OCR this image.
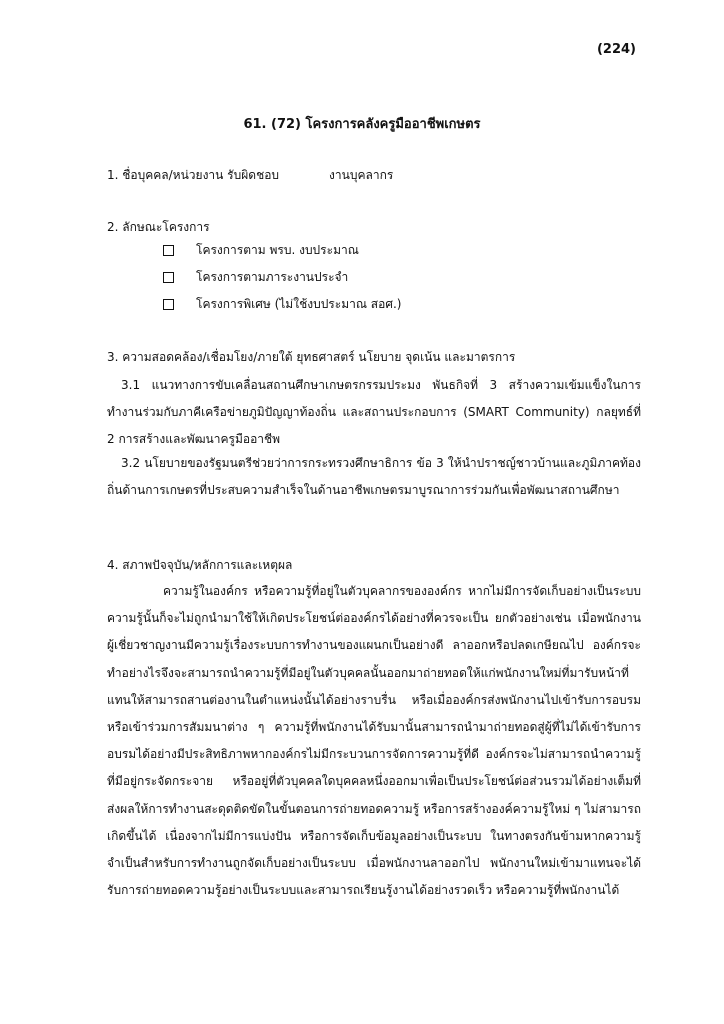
(224)
61. (72) โครงการคลังครูมืออาชีพเกษตร
1. ชื่อบุคคล/หน่วยงาน รับผิดชอบ	งานบุคลากร
2. ลักษณะโครงการ
โครงการตาม พรบ. งบประมาณ
โครงการตามภาระงานประจำ
โครงการพิเศษ (ไม่ใช้งบประมาณ สอศ.)
3. ความสอดคล้อง/เชื่อมโยง/ภายใต้ ยุทธศาสตร์ นโยบาย จุดเน้น และมาตรการ

3.1 แนวทางการขับเคลื่อนสถานศึกษาเกษตรกรรมประมง พันธกิจที่ 3 สร้างความเข้มแข็งในการทำงานร่วมกับภาคีเครือข่ายภูมิปัญญาท้องถิ่น และสถานประกอบการ (SMART Community) กลยุทธ์ที่ 2 การสร้างและพัฒนาครูมืออาชีพ

3.2 นโยบายของรัฐมนตรีช่วยว่าการกระทรวงศึกษาธิการ ข้อ 3 ให้นำปราชญ์ชาวบ้านและภูมิภาคท้องถิ่นด้านการเกษตรที่ประสบความสำเร็จในด้านอาชีพเกษตรมาบูรณาการร่วมกันเพื่อพัฒนาสถานศึกษา

4. สภาพปัจจุบัน/หลักการและเหตุผล

ความรู้ในองค์กร หรือความรู้ที่อยู่ในตัวบุคลากรขององค์กร หากไม่มีการจัดเก็บอย่างเป็นระบบ ความรู้นั้นก็จะไม่ถูกนำมาใช้ให้เกิดประโยชน์ต่อองค์กรได้อย่างที่ควรจะเป็น ยกตัวอย่างเช่น เมื่อพนักงานผู้เชี่ยวชาญงานมีความรู้เรื่องระบบการทำงานของแผนกเป็นอย่างดี ลาออกหรือปลดเกษียณไป องค์กรจะทำอย่างไรจึงจะสามารถนำความรู้ที่มีอยู่ในตัวบุคคลนั้นออกมาถ่ายทอดให้แก่พนักงานใหม่ที่มารับหน้าที่แทนให้สามารถสานต่องานในตำแหน่งนั้นได้อย่างราบรื่น หรือเมื่อองค์กรส่งพนักงานไปเข้ารับการอบรมหรือเข้าร่วมการสัมมนาต่าง ๆ ความรู้ที่พนักงานได้รับมานั้นสามารถนำมาถ่ายทอดสู่ผู้ที่ไม่ได้เข้ารับการอบรมได้อย่างมีประสิทธิภาพหากองค์กรไม่มีกระบวนการจัดการความรู้ที่ดี องค์กรจะไม่สามารถนำความรู้ที่มีอยู่กระจัดกระจาย หรืออยู่ที่ตัวบุคคลใดบุคคลหนึ่งออกมาเพื่อเป็นประโยชน์ต่อส่วนรวมได้อย่างเต็มที่ ส่งผลให้การทำงานสะดุดติดขัดในขั้นตอนการถ่ายทอดความรู้ หรือการสร้างองค์ความรู้ใหม่ ๆ ไม่สามารถเกิดขึ้นได้ เนื่องจากไม่มีการแบ่งปัน หรือการจัดเก็บข้อมูลอย่างเป็นระบบ ในทางตรงกันข้ามหากความรู้จำเป็นสำหรับการทำงานถูกจัดเก็บอย่างเป็นระบบ เมื่อพนักงานลาออกไป พนักงานใหม่เข้ามาแทนจะได้รับการถ่ายทอดความรู้อย่างเป็นระบบและสามารถเรียนรู้งานได้อย่างรวดเร็ว หรือความรู้ที่พนักงานได้
